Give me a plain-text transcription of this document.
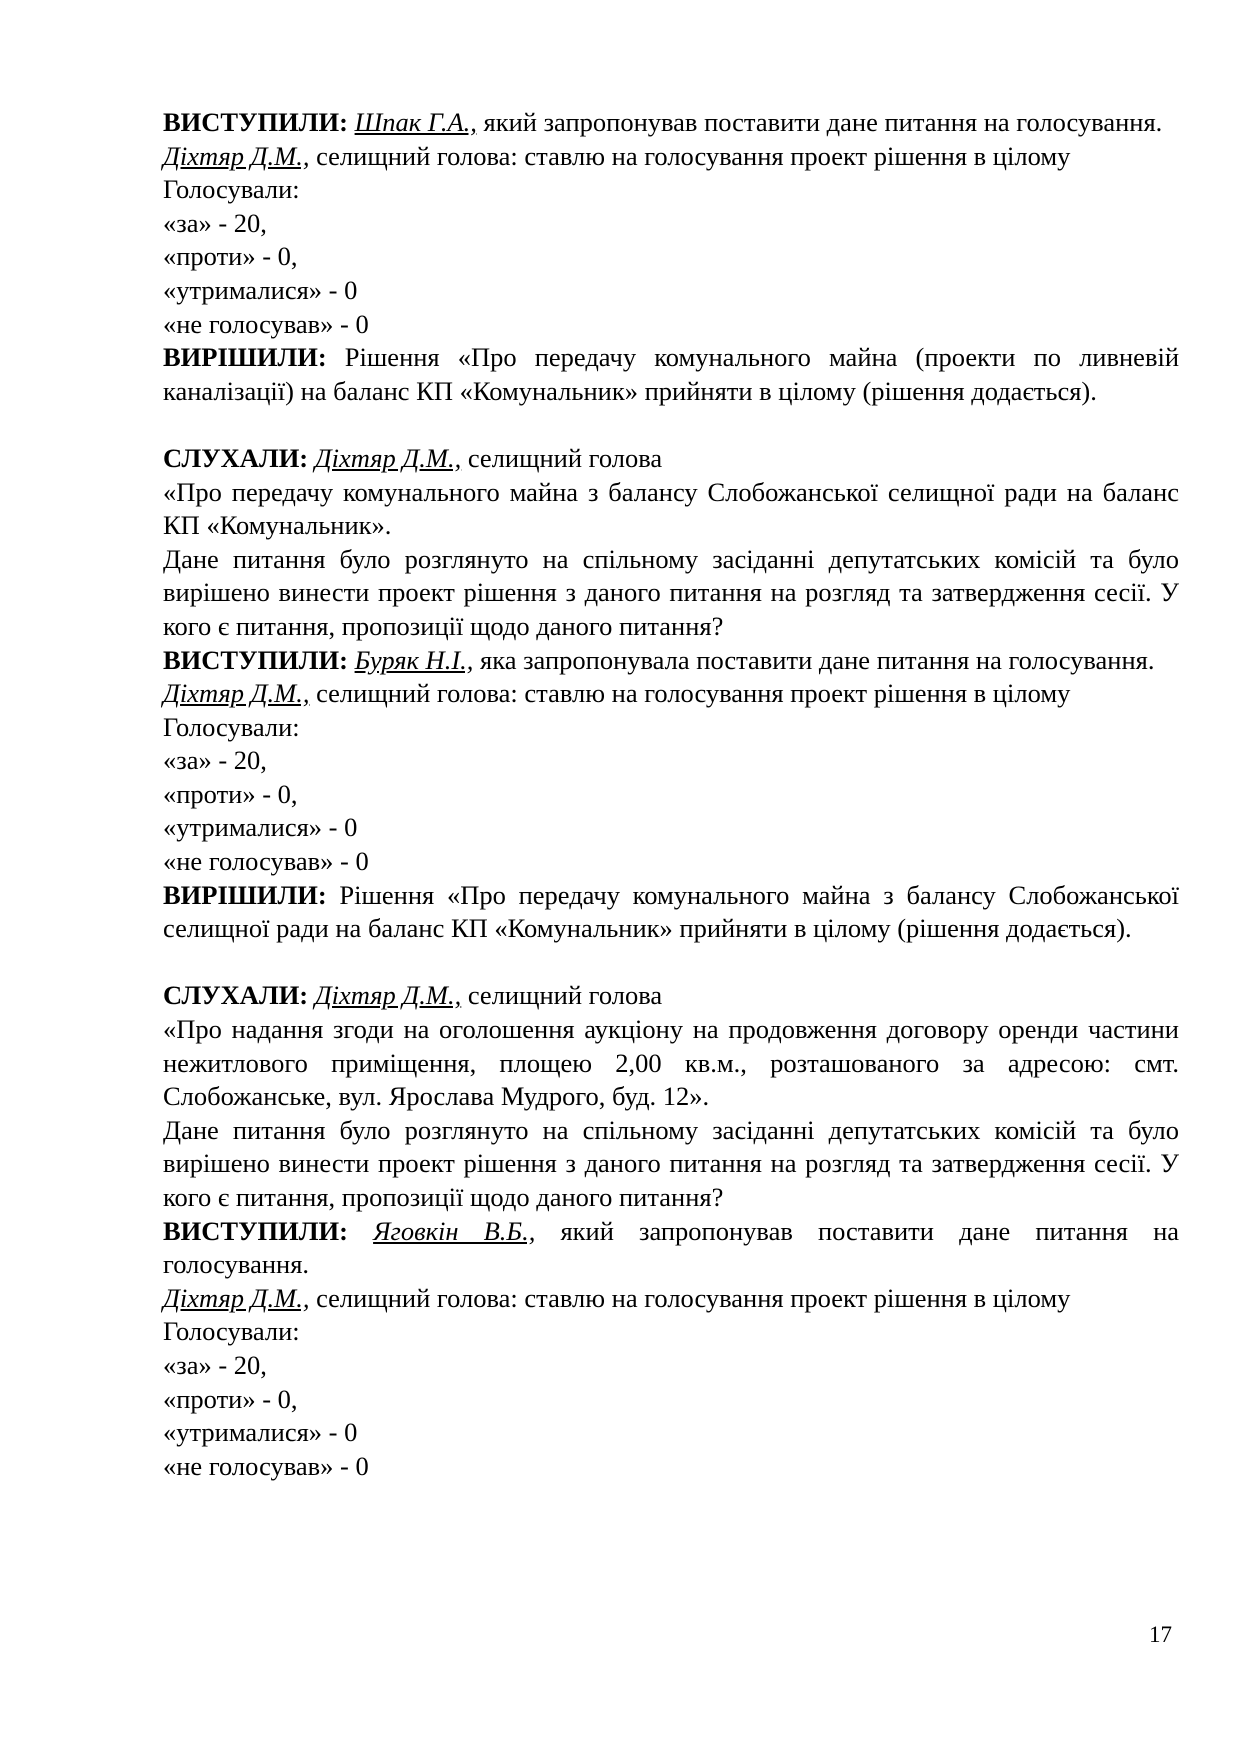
ВИСТУПИЛИ: Шпак Г.А., який запропонував поставити дане питання на голосування.

Діхтяр Д.М., селищний голова: ставлю на голосування проект рішення в цілому

Голосували:

«за» - 20,

«проти» - 0,

«утрималися» - 0

«не голосував» - 0

ВИРІШИЛИ: Рішення «Про передачу комунального майна (проекти по ливневій каналізації) на баланс КП «Комунальник» прийняти в цілому (рішення додається).

СЛУХАЛИ: Діхтяр Д.М., селищний голова

«Про передачу комунального майна з балансу Слобожанської селищної ради на баланс КП «Комунальник».

Дане питання було розглянуто на спільному засіданні депутатських комісій та було вирішено винести проект рішення з даного питання на розгляд та затвердження сесії. У кого є питання, пропозиції щодо даного питання?

ВИСТУПИЛИ: Буряк Н.І., яка запропонувала поставити дане питання на голосування.

Діхтяр Д.М., селищний голова: ставлю на голосування проект рішення в цілому

Голосували:

«за» - 20,

«проти» - 0,

«утрималися» - 0

«не голосував» - 0

ВИРІШИЛИ: Рішення «Про передачу комунального майна з балансу Слобожанської селищної ради на баланс КП «Комунальник» прийняти в цілому (рішення додається).

СЛУХАЛИ: Діхтяр Д.М., селищний голова

«Про надання згоди на оголошення аукціону на продовження договору оренди частини нежитлового приміщення, площею 2,00 кв.м., розташованого за адресою: смт. Слобожанське, вул. Ярослава Мудрого, буд. 12».

Дане питання було розглянуто на спільному засіданні депутатських комісій та було вирішено винести проект рішення з даного питання на розгляд та затвердження сесії. У кого є питання, пропозиції щодо даного питання?

ВИСТУПИЛИ: Яговкін В.Б., який запропонував поставити дане питання на голосування.

Діхтяр Д.М., селищний голова: ставлю на голосування проект рішення в цілому

Голосували:

«за» - 20,

«проти» - 0,

«утрималися» - 0

«не голосував» - 0

17
